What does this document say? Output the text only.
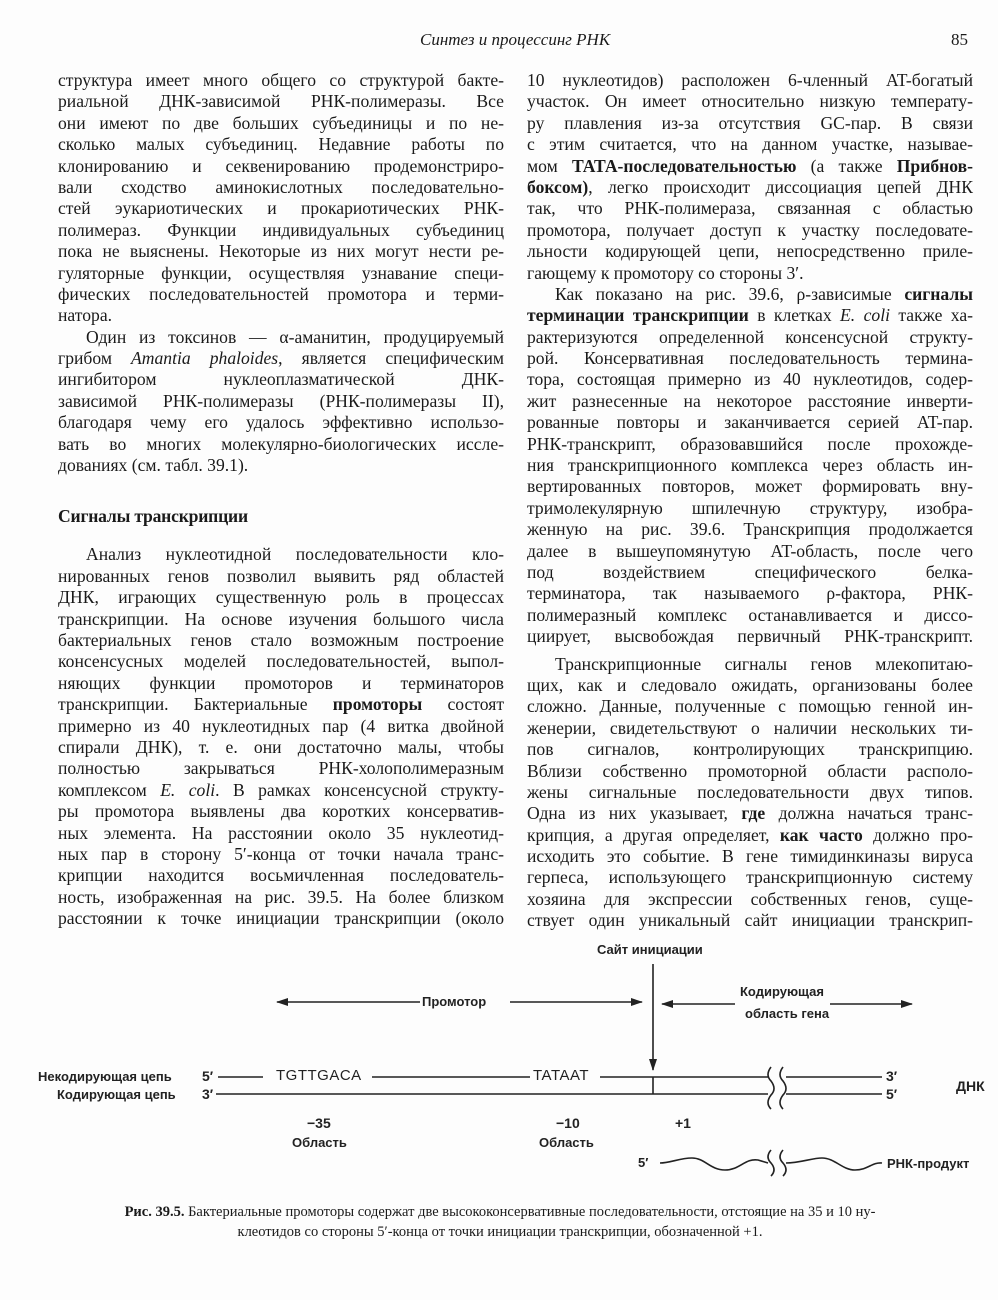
Синтез и процессинг РНК	85
структура имеет много общего со структурой бакте-
риальной ДНК-зависимой РНК-полимеразы. Все
они имеют по две больших субъединицы и по не-
сколько малых субъединиц. Недавние работы по
клонированию и секвенированию продемонстриро-
вали сходство аминокислотных последовательно-
стей эукариотических и прокариотических РНК-
полимераз. Функции индивидуальных субъединиц
пока не выяснены. Некоторые из них могут нести ре-
гуляторные функции, осуществляя узнавание специ-
фических последовательностей промотора и терми-
натора.
Один из токсинов — α-аманитин, продуцируемый
грибом Amantia phaloides, является специфическим
ингибитором нуклеоплазматической ДНК-
зависимой РНК-полимеразы (РНК-полимеразы II),
благодаря чему его удалось эффективно использо-
вать во многих молекулярно-биологических иссле-
дованиях (см. табл. 39.1).
Сигналы транскрипции
Анализ нуклеотидной последовательности кло-
нированных генов позволил выявить ряд областей
ДНК, играющих существенную роль в процессах
транскрипции. На основе изучения большого числа
бактериальных генов стало возможным построение
консенсусных моделей последовательностей, выпол-
няющих функции промоторов и терминаторов
транскрипции. Бактериальные промоторы состоят
примерно из 40 нуклеотидных пар (4 витка двойной
спирали ДНК), т. е. они достаточно малы, чтобы
полностью закрываться РНК-холополимеразным
комплексом E. coli. В рамках консенсусной структу-
ры промотора выявлены два коротких консерватив-
ных элемента. На расстоянии около 35 нуклеотид-
ных пар в сторону 5′-конца от точки начала транс-
крипции находится восьмичленная последователь-
ность, изображенная на рис. 39.5. На более близком
расстоянии к точке инициации транскрипции (около
10 нуклеотидов) расположен 6-членный AT-богатый
участок. Он имеет относительно низкую температу-
ру плавления из-за отсутствия GC-пар. В связи
с этим считается, что на данном участке, называе-
мом ТАТА-последовательностью (а также Прибнов-
боксом), легко происходит диссоциация цепей ДНК
так, что РНК-полимераза, связанная с областью
промотора, получает доступ к участку последовате-
льности кодирующей цепи, непосредственно приле-
гающему к промотору со стороны 3′.
Как показано на рис. 39.6, ρ-зависимые сигналы
терминации транскрипции в клетках E. coli также ха-
рактеризуются определенной консенсусной структу-
рой. Консервативная последовательность термина-
тора, состоящая примерно из 40 нуклеотидов, содер-
жит разнесенные на некоторое расстояние инверти-
рованные повторы и заканчивается серией AT-пар.
РНК-транскрипт, образовавшийся после прохожде-
ния транскрипционного комплекса через область ин-
вертированных повторов, может формировать вну-
тримолекулярную шпилечную структуру, изобра-
женную на рис. 39.6. Транскрипция продолжается
далее в вышеупомянутую AT-область, после чего
под воздействием специфического белка-
терминатора, так называемого ρ-фактора, РНК-
полимеразный комплекс останавливается и диссо-
циирует, высвобождая первичный РНК-транскрипт.
Транскрипционные сигналы генов млекопитаю-
щих, как и следовало ожидать, организованы более
сложно. Данные, полученные с помощью генной ин-
женерии, свидетельствуют о наличии нескольких ти-
пов сигналов, контролирующих транскрипцию.
Вблизи собственно промоторной области располо-
жены сигнальные последовательности двух типов.
Одна из них указывает, где должна начаться транс-
крипция, а другая определяет, как часто должно про-
исходить это событие. В гене тимидинкиназы вируса
герпеса, использующего транскрипционную систему
хозяина для экспрессии собственных генов, суще-
ствует один уникальный сайт инициации транскрип-
Сайт инициации
Промотор
Кодирующая
область гена
Некодирующая цепь
Кодирующая цепь
5′
3′
TGTTGACA	TATAAT	3′
5′	ДНК
−35
Область
−10
Область
+1
5′	РНК-продукт
Рис. 39.5. Бактериальные промоторы содержат две высококонсервативные последовательности, отстоящие на 35 и 10 ну-
клеотидов со стороны 5′-конца от точки инициации транскрипции, обозначенной +1.
